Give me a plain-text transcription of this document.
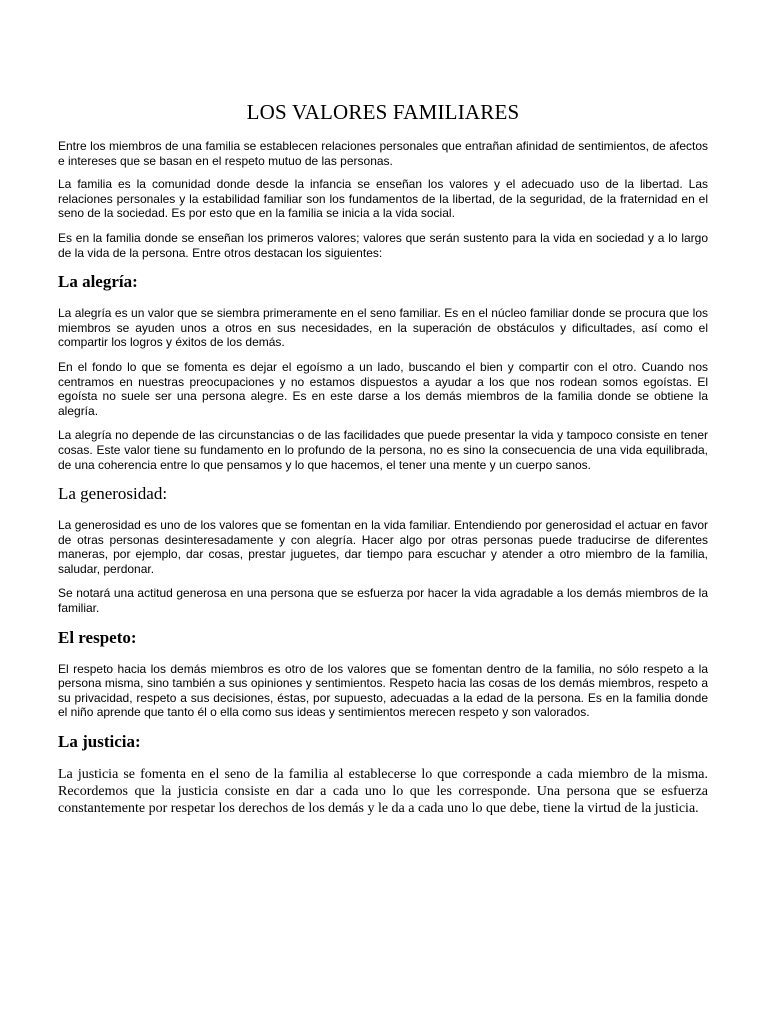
LOS VALORES FAMILIARES

Entre los miembros de una familia se establecen relaciones personales que entrañan afinidad de sentimientos, de afectos e intereses que se basan en el respeto mutuo de las personas.

La familia es la comunidad donde desde la infancia se enseñan los valores y el adecuado uso de la libertad. Las relaciones personales y la estabilidad familiar son los fundamentos de la libertad, de la seguridad, de la fraternidad en el seno de la sociedad. Es por esto que en la familia se inicia a la vida social.

Es en la familia donde se enseñan los primeros valores; valores que serán sustento para la vida en sociedad y a lo largo de la vida de la persona. Entre otros destacan los siguientes:

La alegría:

La alegría es un valor que se siembra primeramente en el seno familiar. Es en el núcleo familiar donde se procura que los miembros se ayuden unos a otros en sus necesidades, en la superación de obstáculos y dificultades, así como el compartir los logros y éxitos de los demás.

En el fondo lo que se fomenta es dejar el egoísmo a un lado, buscando el bien y compartir con el otro. Cuando nos centramos en nuestras preocupaciones y no estamos dispuestos a ayudar a los que nos rodean somos egoístas. El egoísta no suele ser una persona alegre. Es en este darse a los demás miembros de la familia donde se obtiene la alegría.

La alegría no depende de las circunstancias o de las facilidades que puede presentar la vida y tampoco consiste en tener cosas. Este valor tiene su fundamento en lo profundo de la persona, no es sino la consecuencia de una vida equilibrada, de una coherencia entre lo que pensamos y lo que hacemos, el tener una mente y un cuerpo sanos.

La generosidad:

La generosidad es uno de los valores que se fomentan en la vida familiar. Entendiendo por generosidad el actuar en favor de otras personas desinteresadamente y con alegría. Hacer algo por otras personas puede traducirse de diferentes maneras, por ejemplo, dar cosas, prestar juguetes, dar tiempo para escuchar y atender a otro miembro de la familia, saludar, perdonar.

Se notará una actitud generosa en una persona que se esfuerza por hacer la vida agradable a los demás miembros de la familiar.

El respeto:

El respeto hacia los demás miembros es otro de los valores que se fomentan dentro de la familia, no sólo respeto a la persona misma, sino también a sus opiniones y sentimientos. Respeto hacia las cosas de los demás miembros, respeto a su privacidad, respeto a sus decisiones, éstas, por supuesto, adecuadas a la edad de la persona. Es en la familia donde el niño aprende que tanto él o ella como sus ideas y sentimientos merecen respeto y son valorados.

La justicia:

La justicia se fomenta en el seno de la familia al establecerse lo que corresponde a cada miembro de la misma. Recordemos que la justicia consiste en dar a cada uno lo que les corresponde. Una persona que se esfuerza constantemente por respetar los derechos de los demás y le da a cada uno lo que debe, tiene la virtud de la justicia.
